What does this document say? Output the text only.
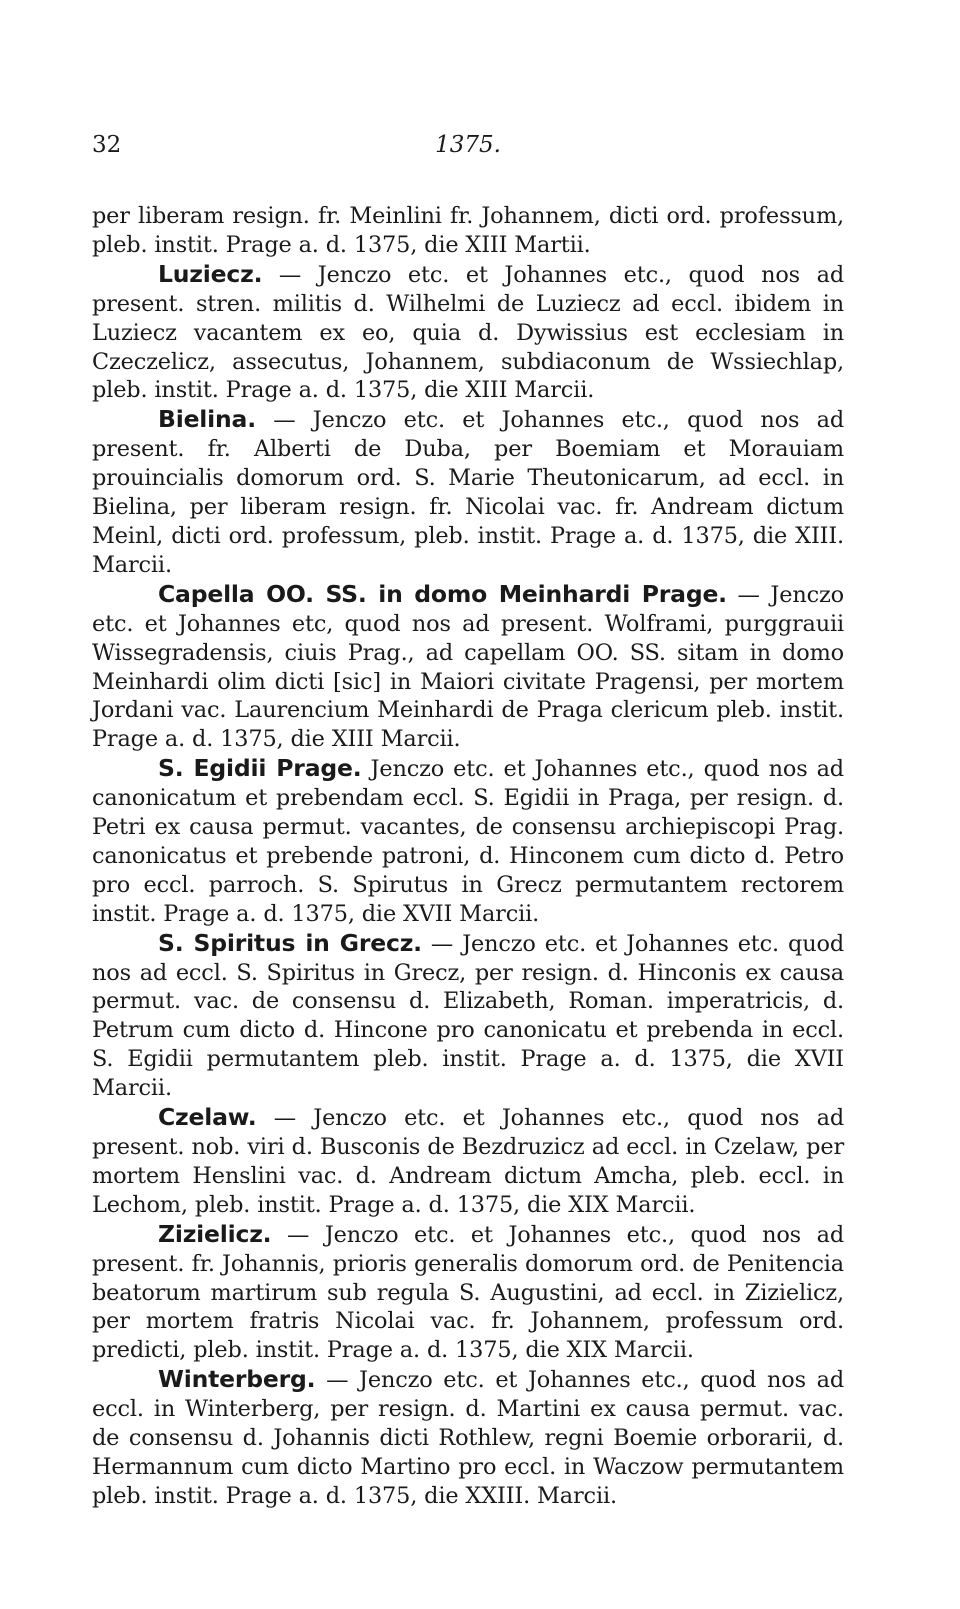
32	1375.

per liberam resign. fr. Meinlini fr. Johannem, dicti ord. professum, pleb. instit. Prage a. d. 1375, die XIII Martii.

Luziecz. — Jenczo etc. et Johannes etc., quod nos ad present. stren. militis d. Wilhelmi de Luziecz ad eccl. ibidem in Luziecz vacantem ex eo, quia d. Dywissius est ecclesiam in Czeczelicz, assecutus, Johannem, subdiaconum de Wssiechlap, pleb. instit. Prage a. d. 1375, die XIII Marcii.

Bielina. — Jenczo etc. et Johannes etc., quod nos ad present. fr. Alberti de Duba, per Boemiam et Morauiam prouincialis domorum ord. S. Marie Theutonicarum, ad eccl. in Bielina, per liberam resign. fr. Nicolai vac. fr. Andream dictum Meinl, dicti ord. professum, pleb. instit. Prage a. d. 1375, die XIII. Marcii.

Capella OO. SS. in domo Meinhardi Prage. — Jenczo etc. et Johannes etc, quod nos ad present. Wolframi, purggrauii Wissegradensis, ciuis Prag., ad capellam OO. SS. sitam in domo Meinhardi olim dicti [sic] in Maiori civitate Pragensi, per mortem Jordani vac. Laurencium Meinhardi de Praga clericum pleb. instit. Prage a. d. 1375, die XIII Marcii.

S. Egidii Prage. Jenczo etc. et Johannes etc., quod nos ad canonicatum et prebendam eccl. S. Egidii in Praga, per resign. d. Petri ex causa permut. vacantes, de consensu archiepiscopi Prag. canonicatus et prebende patroni, d. Hinconem cum dicto d. Petro pro eccl. parroch. S. Spirutus in Grecz permutantem rectorem instit. Prage a. d. 1375, die XVII Marcii.

S. Spiritus in Grecz. — Jenczo etc. et Johannes etc. quod nos ad eccl. S. Spiritus in Grecz, per resign. d. Hinconis ex causa permut. vac. de consensu d. Elizabeth, Roman. imperatricis, d. Petrum cum dicto d. Hincone pro canonicatu et prebenda in eccl. S. Egidii permutantem pleb. instit. Prage a. d. 1375, die XVII Marcii.

Czelaw. — Jenczo etc. et Johannes etc., quod nos ad present. nob. viri d. Busconis de Bezdruzicz ad eccl. in Czelaw, per mortem Henslini vac. d. Andream dictum Amcha, pleb. eccl. in Lechom, pleb. instit. Prage a. d. 1375, die XIX Marcii.

Zizielicz. — Jenczo etc. et Johannes etc., quod nos ad present. fr. Johannis, prioris generalis domorum ord. de Penitencia beatorum martirum sub regula S. Augustini, ad eccl. in Zizielicz, per mortem fratris Nicolai vac. fr. Johannem, professum ord. predicti, pleb. instit. Prage a. d. 1375, die XIX Marcii.

Winterberg. — Jenczo etc. et Johannes etc., quod nos ad eccl. in Winterberg, per resign. d. Martini ex causa permut. vac. de consensu d. Johannis dicti Rothlew, regni Boemie orborarii, d. Hermannum cum dicto Martino pro eccl. in Waczow permutantem pleb. instit. Prage a. d. 1375, die XXIII. Marcii.
